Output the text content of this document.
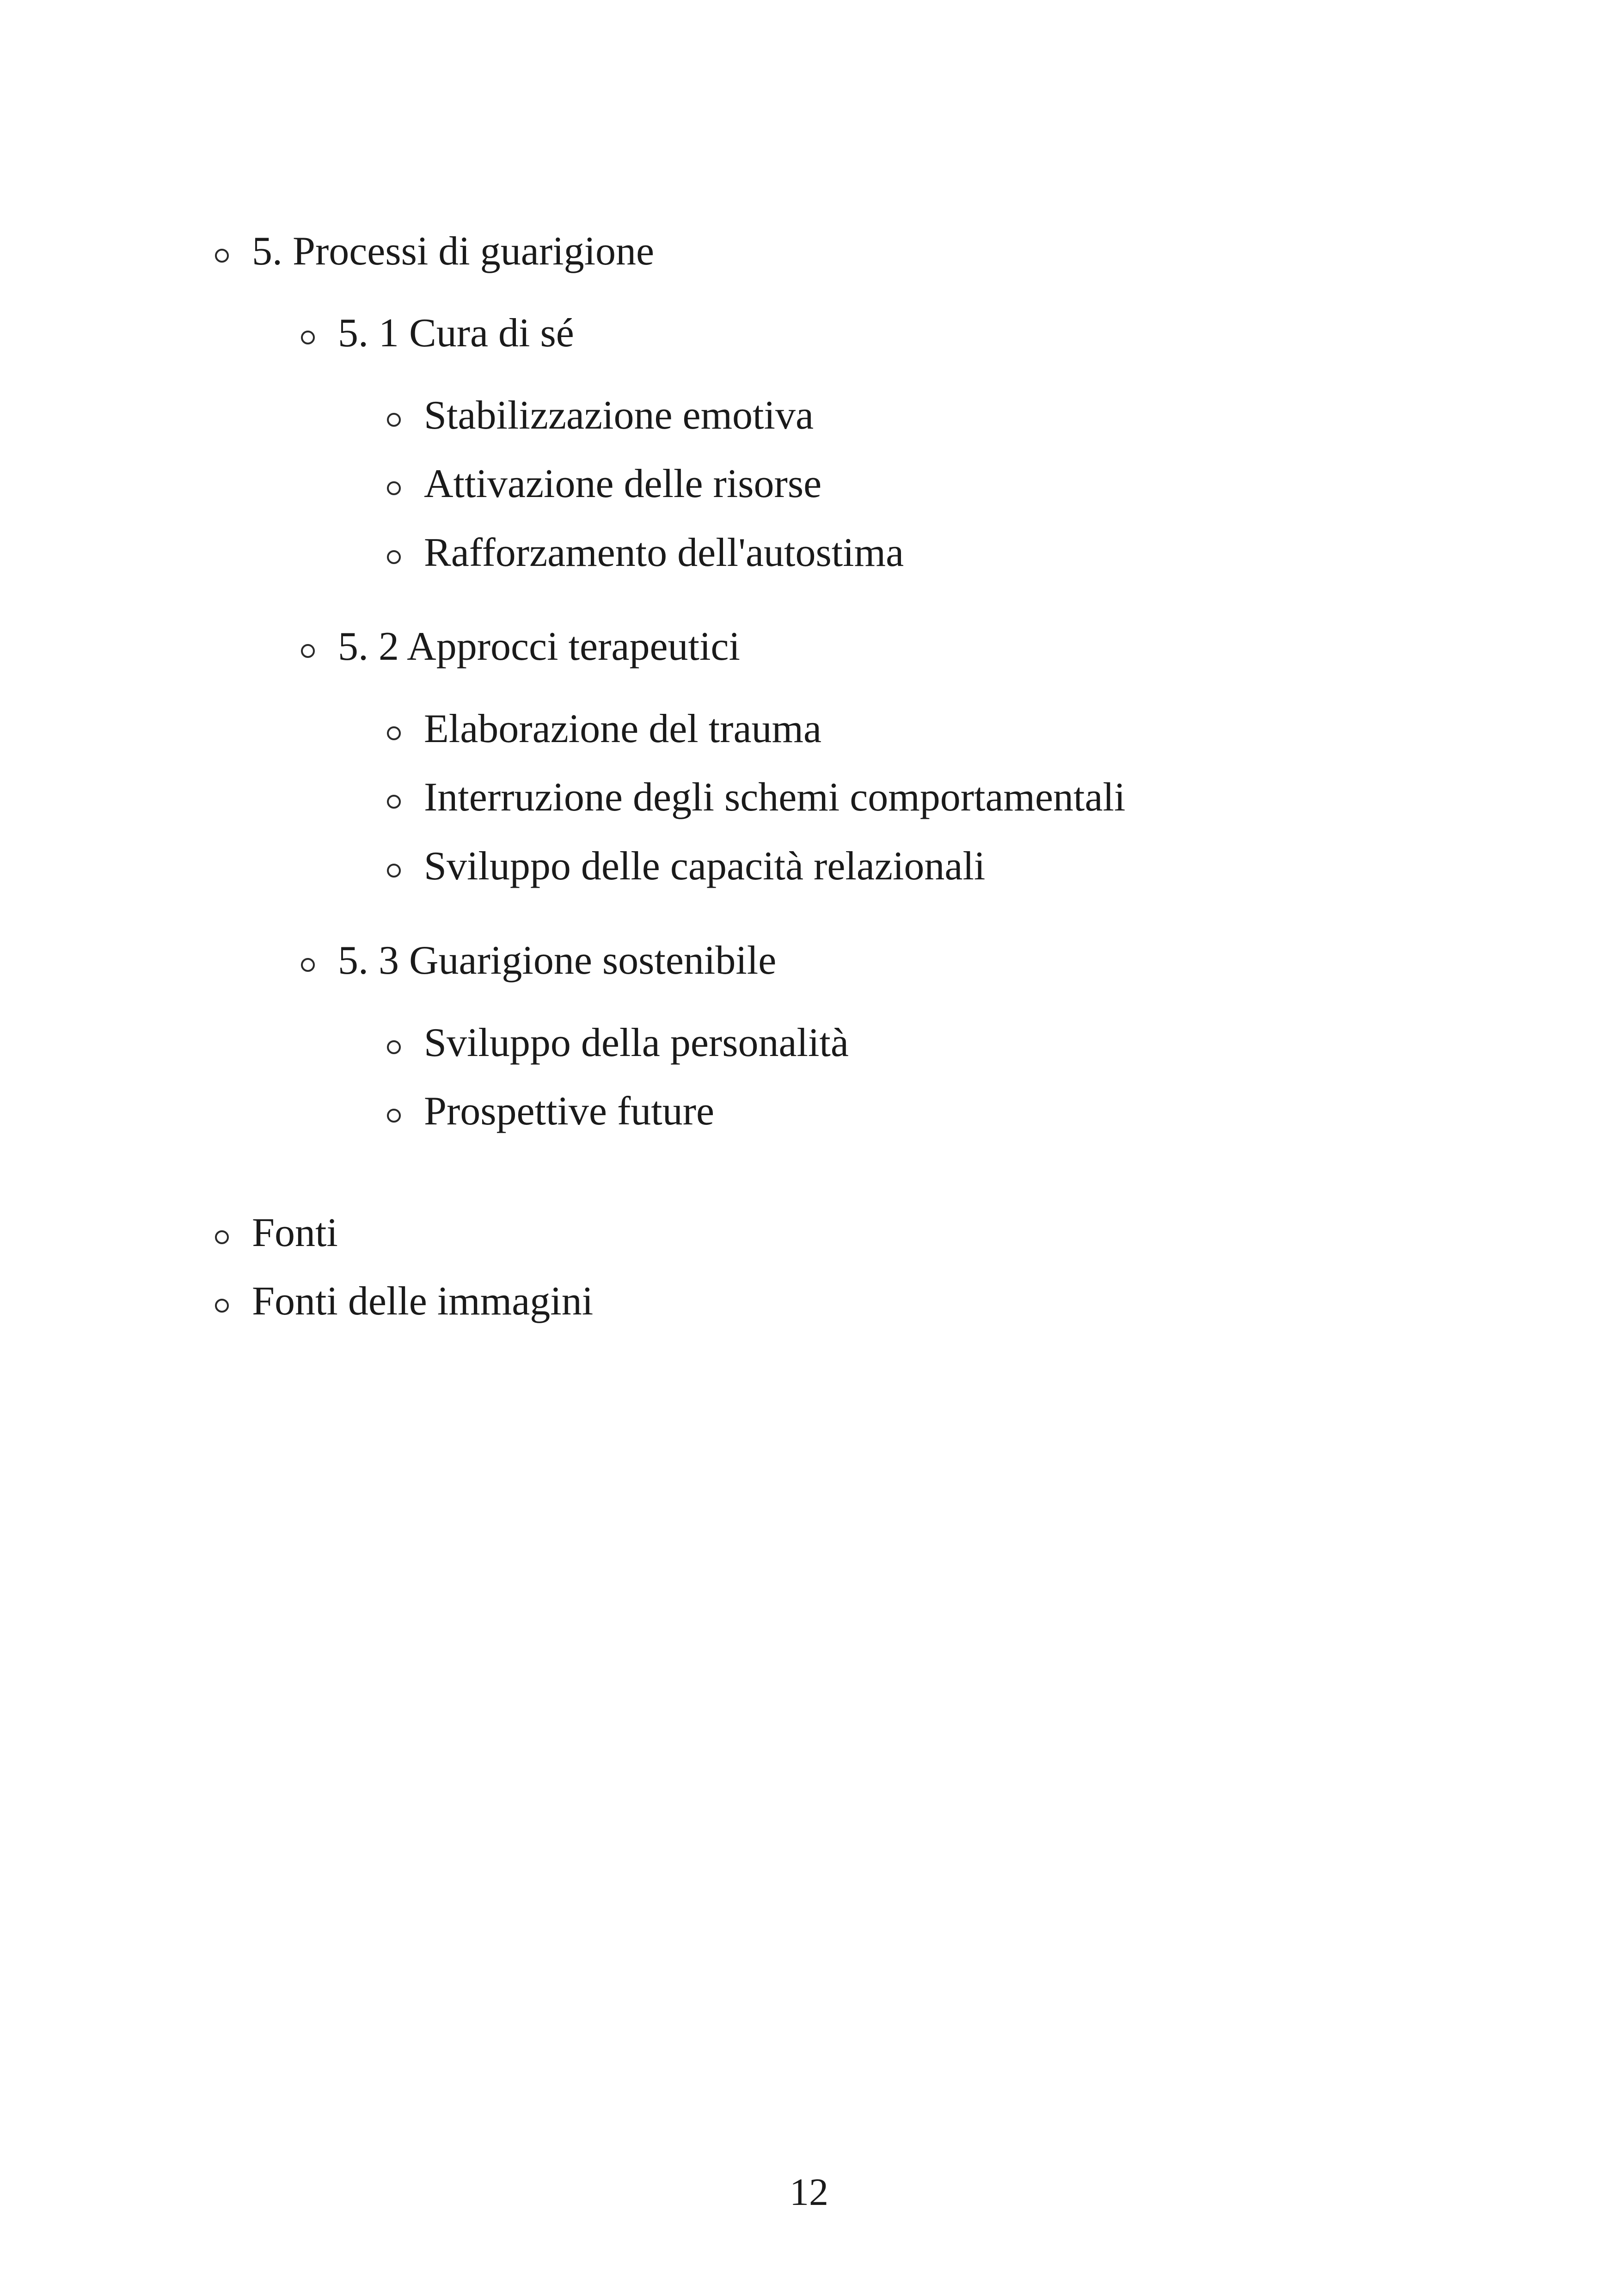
5. Processi di guarigione
5. 1 Cura di sé
Stabilizzazione emotiva
Attivazione delle risorse
Rafforzamento dell'autostima
5. 2 Approcci terapeutici
Elaborazione del trauma
Interruzione degli schemi comportamentali
Sviluppo delle capacità relazionali
5. 3 Guarigione sostenibile
Sviluppo della personalità
Prospettive future
Fonti
Fonti delle immagini
12
